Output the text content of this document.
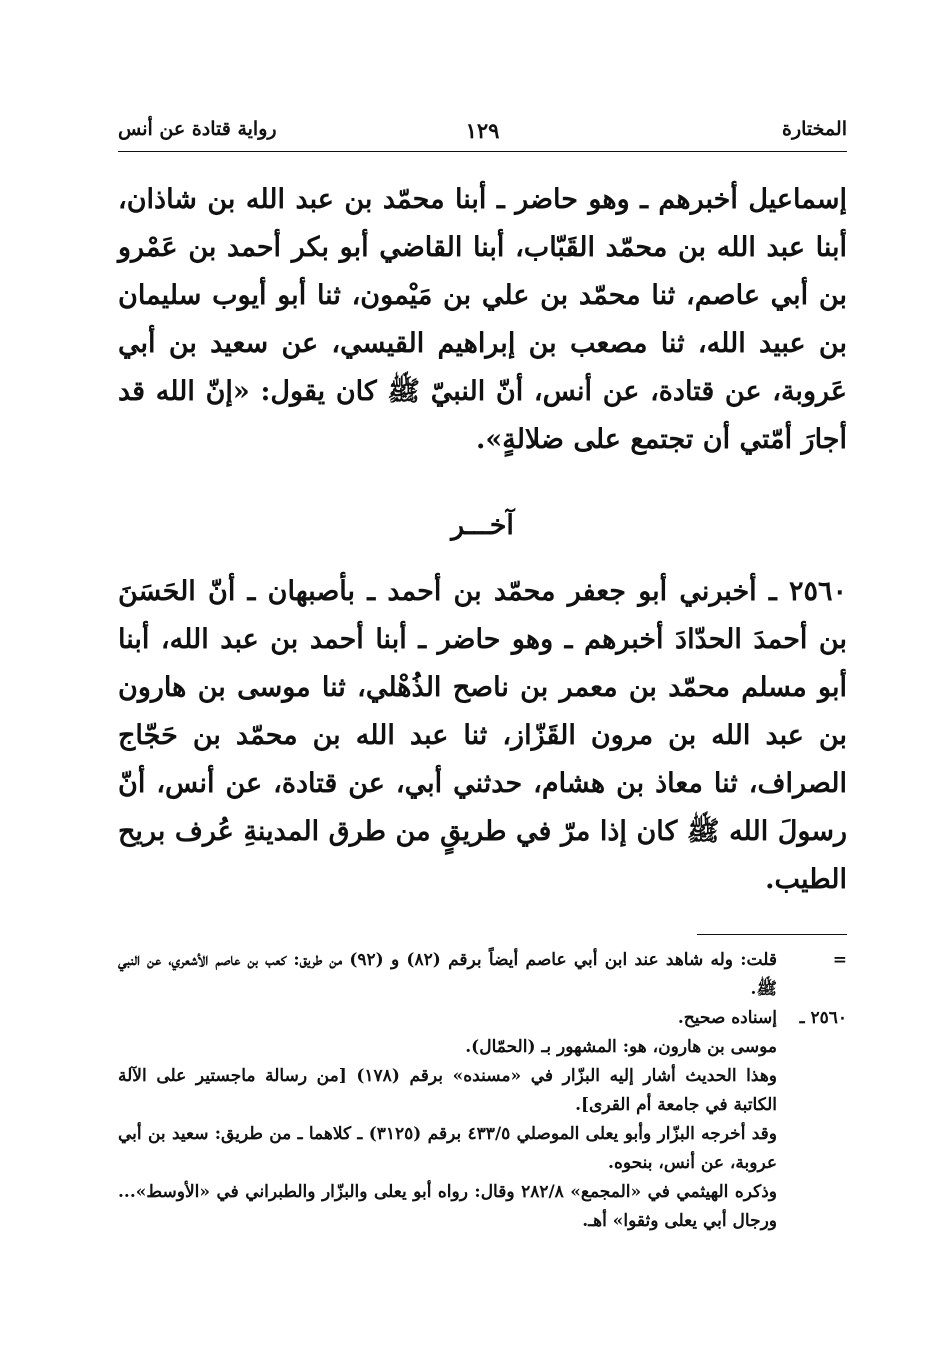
المختارة
١٢٩
رواية قتادة عن أنس

إسماعيل أخبرهم ـ وهو حاضر ـ أبنا محمّد بن عبد الله بن شاذان، أبنا عبد الله بن محمّد القَبّاب، أبنا القاضي أبو بكر أحمد بن عَمْرو بن أبي عاصم، ثنا محمّد بن علي بن مَيْمون، ثنا أبو أيوب سليمان بن عبيد الله، ثنا مصعب بن إبراهيم القيسي، عن سعيد بن أبي عَروبة، عن قتادة، عن أنس، أنّ النبيّ ﷺ كان يقول: «إنّ الله قد أجارَ أمّتي أن تجتمع على ضلالةٍ».

آخـــر

٢٥٦٠ ـ أخبرني أبو جعفر محمّد بن أحمد ـ بأصبهان ـ أنّ الحَسَنَ بن أحمدَ الحدّادَ أخبرهم ـ وهو حاضر ـ أبنا أحمد بن عبد الله، أبنا أبو مسلم محمّد بن معمر بن ناصح الذُهْلي، ثنا موسى بن هارون بن عبد الله بن مرون القَزّاز، ثنا عبد الله بن محمّد بن حَجّاج الصراف، ثنا معاذ بن هشام، حدثني أبي، عن قتادة، عن أنس، أنّ رسولَ الله ﷺ كان إذا مرّ في طريقٍ من طرق المدينةِ عُرف بريح الطيب.

=
قلت: وله شاهد عند ابن أبي عاصم أيضاً برقم (٨٢) و (٩٢) من طريق: كعب بن عاصم الأشعري، عن النبي ﷺ.
٢٥٦٠ ـ
إسناده صحيح.
موسى بن هارون، هو: المشهور بـ (الحمّال).
وهذا الحديث أشار إليه البزّار في «مسنده» برقم (١٧٨) [من رسالة ماجستير على الآلة الكاتبة في جامعة أم القرى].
وقد أخرجه البزّار وأبو يعلى الموصلي ٤٣٣/٥ برقم (٣١٢٥) ـ كلاهما ـ من طريق: سعيد بن أبي عروبة، عن أنس، بنحوه.
وذكره الهيثمي في «المجمع» ٢٨٢/٨ وقال: رواه أبو يعلى والبزّار والطبراني في «الأوسط»... ورجال أبي يعلى وثقوا» أهـ.
